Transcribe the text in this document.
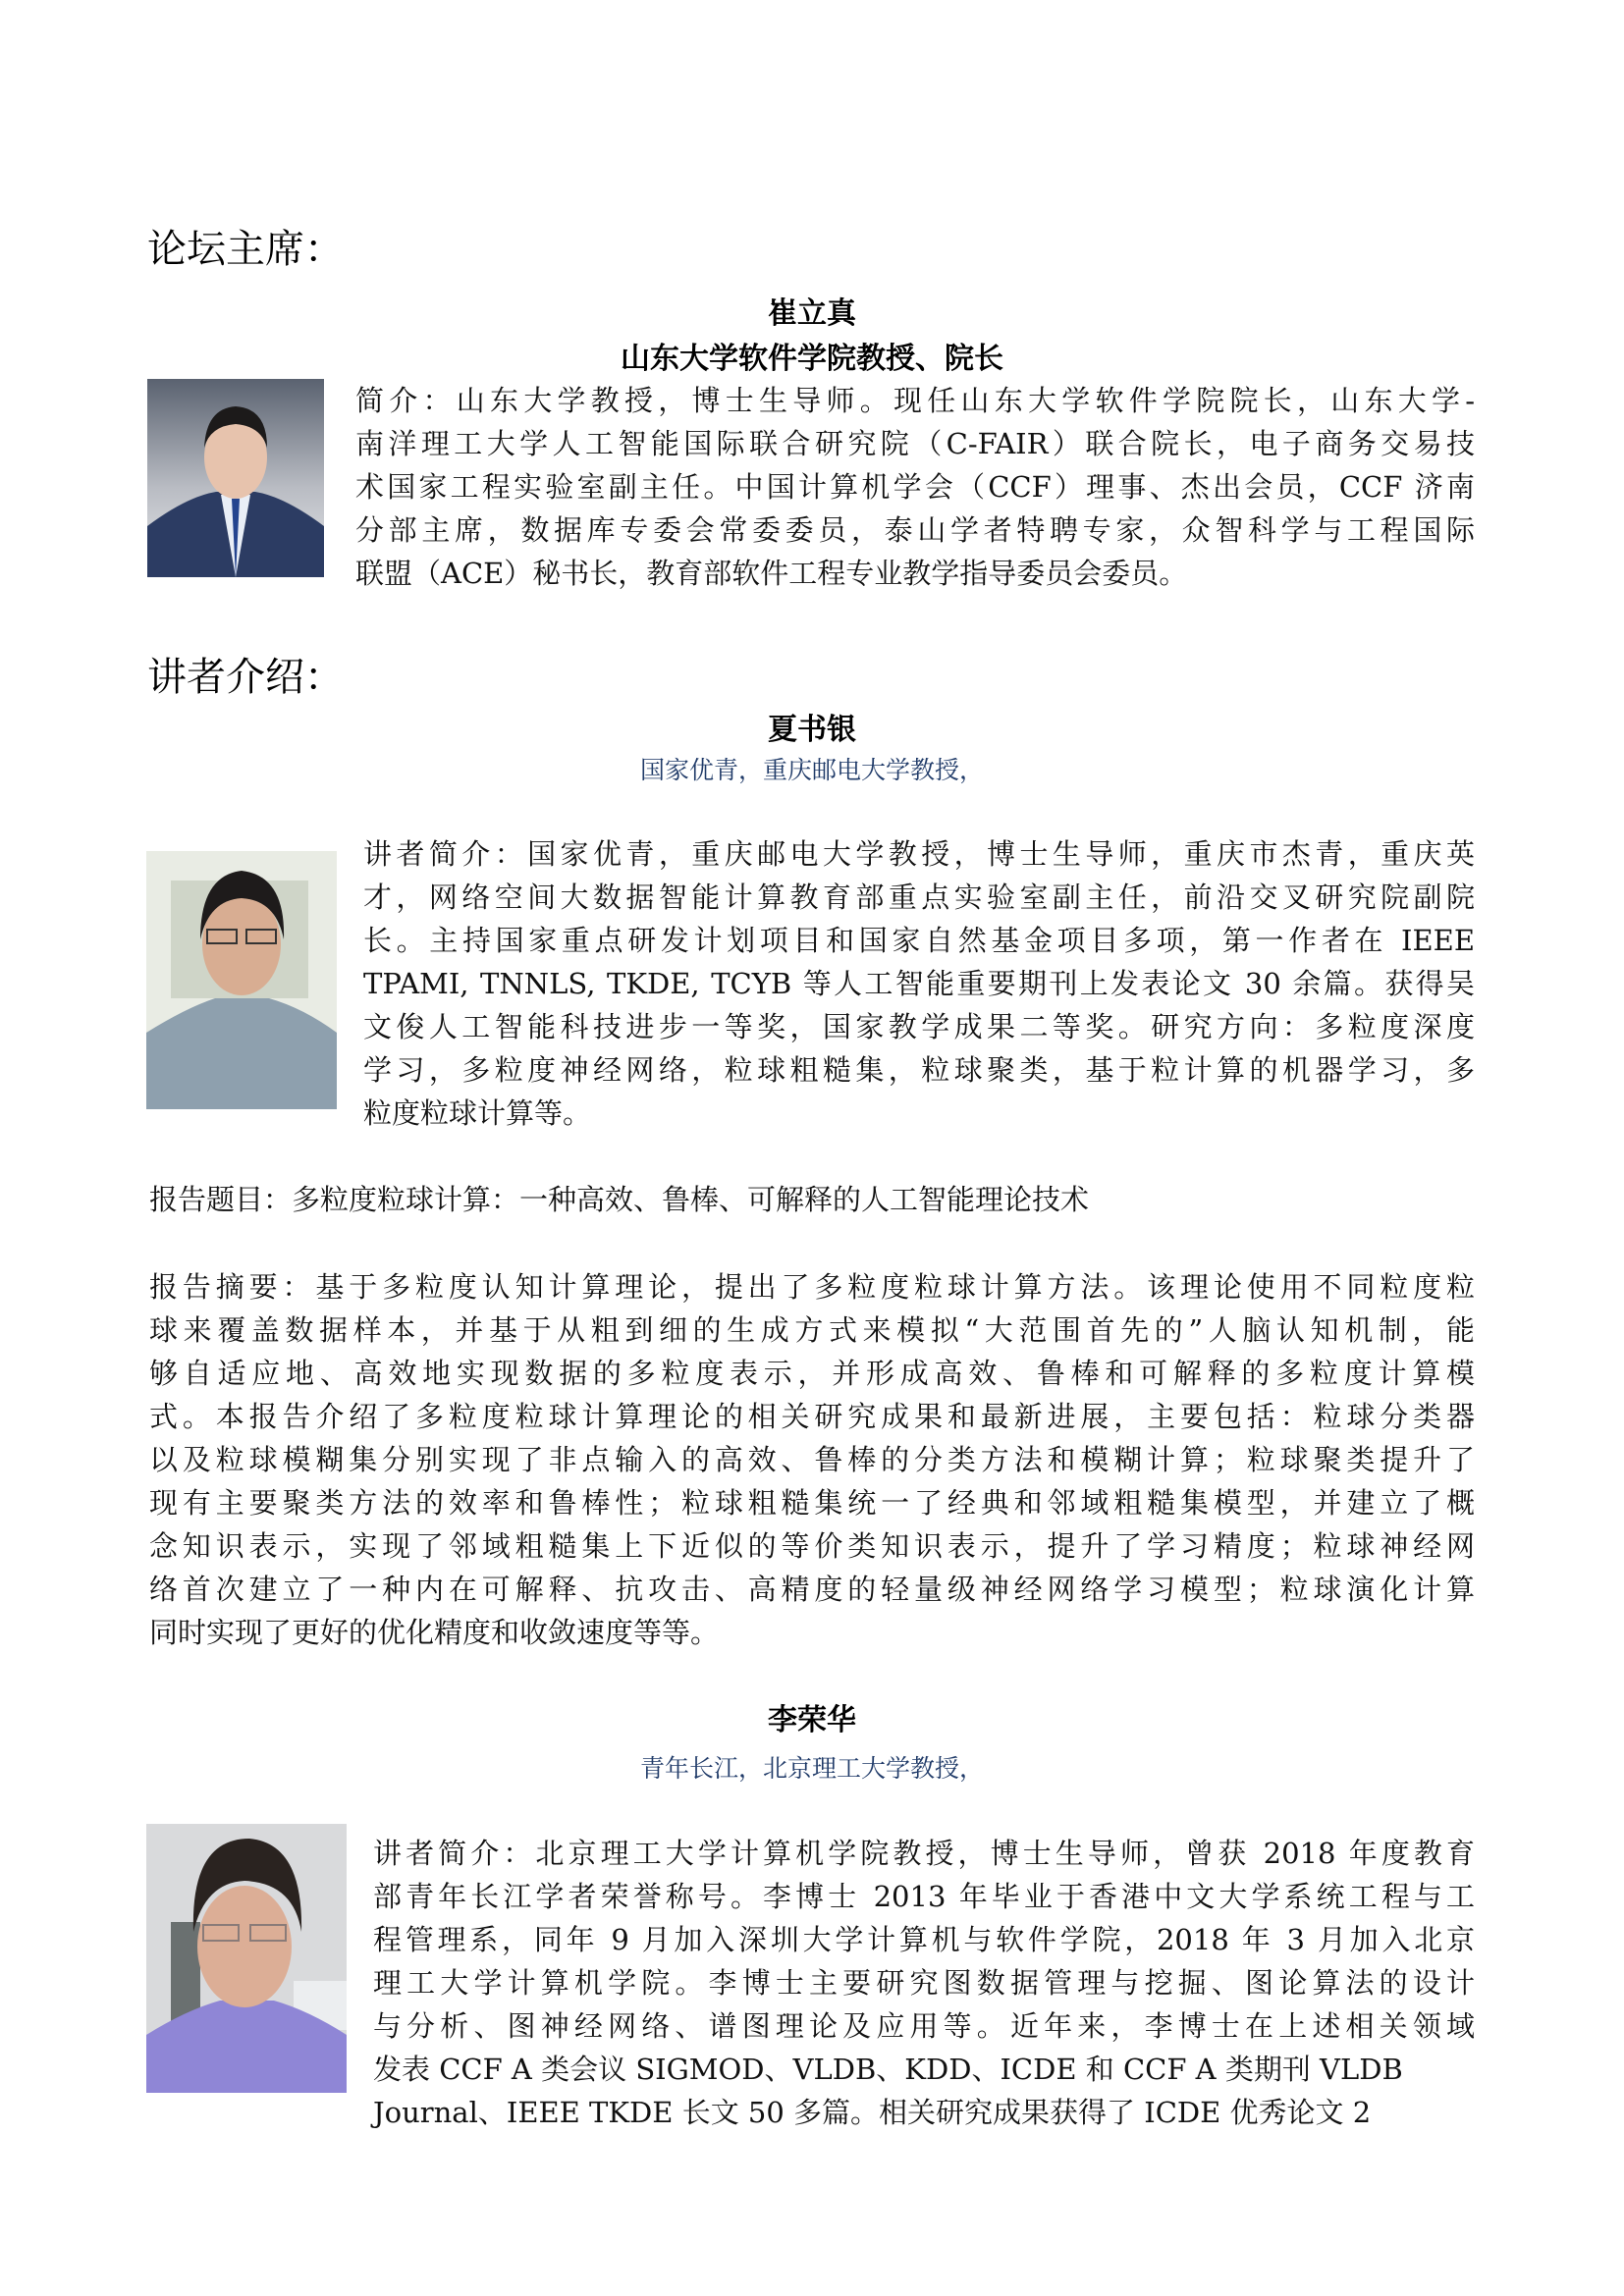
论坛主席：
崔立真
山东大学软件学院教授、院长
简介：山东大学教授，博士生导师。现任山东大学软件学院院长，山东大学-
南洋理工大学人工智能国际联合研究院（C-FAIR）联合院长，电子商务交易技
术国家工程实验室副主任。中国计算机学会（CCF）理事、杰出会员，CCF 济南
分部主席，数据库专委会常委委员，泰山学者特聘专家，众智科学与工程国际
联盟（ACE）秘书长，教育部软件工程专业教学指导委员会委员。
讲者介绍：
夏书银
国家优青，重庆邮电大学教授，
讲者简介：国家优青，重庆邮电大学教授，博士生导师，重庆市杰青，重庆英
才，网络空间大数据智能计算教育部重点实验室副主任，前沿交叉研究院副院
长。主持国家重点研发计划项目和国家自然基金项目多项，第一作者在 IEEE
TPAMI, TNNLS, TKDE, TCYB 等人工智能重要期刊上发表论文 30 余篇。获得吴
文俊人工智能科技进步一等奖，国家教学成果二等奖。研究方向：多粒度深度
学习，多粒度神经网络，粒球粗糙集，粒球聚类，基于粒计算的机器学习，多
粒度粒球计算等。
报告题目：多粒度粒球计算：一种高效、鲁棒、可解释的人工智能理论技术
报告摘要：基于多粒度认知计算理论，提出了多粒度粒球计算方法。该理论使用不同粒度粒
球来覆盖数据样本，并基于从粗到细的生成方式来模拟“大范围首先的”人脑认知机制，能
够自适应地、高效地实现数据的多粒度表示，并形成高效、鲁棒和可解释的多粒度计算模
式。本报告介绍了多粒度粒球计算理论的相关研究成果和最新进展，主要包括：粒球分类器
以及粒球模糊集分别实现了非点输入的高效、鲁棒的分类方法和模糊计算；粒球聚类提升了
现有主要聚类方法的效率和鲁棒性；粒球粗糙集统一了经典和邻域粗糙集模型，并建立了概
念知识表示，实现了邻域粗糙集上下近似的等价类知识表示，提升了学习精度；粒球神经网
络首次建立了一种内在可解释、抗攻击、高精度的轻量级神经网络学习模型；粒球演化计算
同时实现了更好的优化精度和收敛速度等等。
李荣华
青年长江，北京理工大学教授，
讲者简介：北京理工大学计算机学院教授，博士生导师，曾获 2018 年度教育
部青年长江学者荣誉称号。李博士 2013 年毕业于香港中文大学系统工程与工
程管理系，同年 9 月加入深圳大学计算机与软件学院，2018 年 3 月加入北京
理工大学计算机学院。李博士主要研究图数据管理与挖掘、图论算法的设计
与分析、图神经网络、谱图理论及应用等。近年来，李博士在上述相关领域
发表 CCF A 类会议 SIGMOD、VLDB、KDD、ICDE 和 CCF A 类期刊 VLDB
Journal、IEEE TKDE 长文 50 多篇。相关研究成果获得了 ICDE 优秀论文 2
